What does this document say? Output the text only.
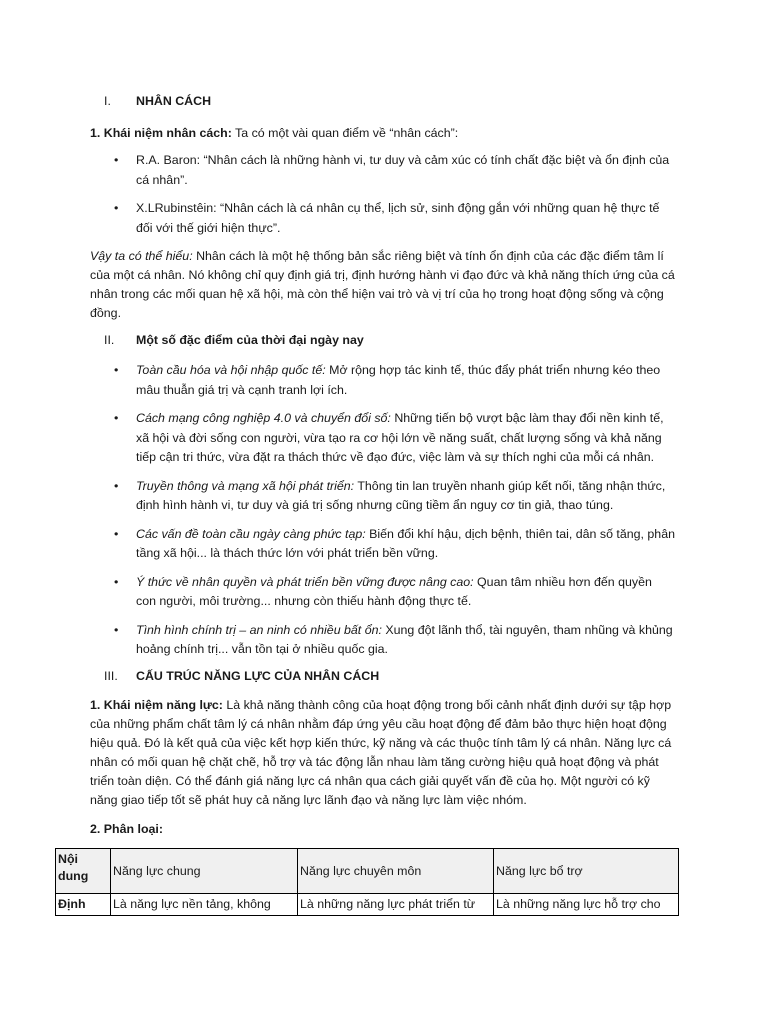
I. NHÂN CÁCH

1. Khái niệm nhân cách: Ta có một vài quan điểm về “nhân cách”:

• R.A. Baron: “Nhân cách là những hành vi, tư duy và cảm xúc có tính chất đặc biệt và ổn định của cá nhân”.
• X.LRubinstêin: “Nhân cách là cá nhân cụ thể, lịch sử, sinh động gắn với những quan hệ thực tế đối với thế giới hiện thực”.

Vậy ta có thể hiểu: Nhân cách là một hệ thống bản sắc riêng biệt và tính ổn định của các đặc điểm tâm lí của một cá nhân. Nó không chỉ quy định giá trị, định hướng hành vi đạo đức và khả năng thích ứng của cá nhân trong các mối quan hệ xã hội, mà còn thể hiện vai trò và vị trí của họ trong hoạt động sống và cộng đồng.

II. Một số đặc điểm của thời đại ngày nay
• Toàn cầu hóa và hội nhập quốc tế: Mở rộng hợp tác kinh tế, thúc đẩy phát triển nhưng kéo theo mâu thuẫn giá trị và cạnh tranh lợi ích.
• Cách mạng công nghiệp 4.0 và chuyển đổi số: Những tiến bộ vượt bậc làm thay đổi nền kinh tế, xã hội và đời sống con người, vừa tạo ra cơ hội lớn về năng suất, chất lượng sống và khả năng tiếp cận tri thức, vừa đặt ra thách thức về đạo đức, việc làm và sự thích nghi của mỗi cá nhân.
• Truyền thông và mạng xã hội phát triển: Thông tin lan truyền nhanh giúp kết nối, tăng nhận thức, định hình hành vi, tư duy và giá trị sống nhưng cũng tiềm ẩn nguy cơ tin giả, thao túng.
• Các vấn đề toàn cầu ngày càng phức tạp: Biến đổi khí hậu, dịch bệnh, thiên tai, dân số tăng, phân tầng xã hội... là thách thức lớn với phát triển bền vững.
• Ý thức về nhân quyền và phát triển bền vững được nâng cao: Quan tâm nhiều hơn đến quyền con người, môi trường... nhưng còn thiếu hành động thực tế.
• Tình hình chính trị – an ninh có nhiều bất ổn: Xung đột lãnh thổ, tài nguyên, tham nhũng và khủng hoảng chính trị... vẫn tồn tại ở nhiều quốc gia.
III. CẤU TRÚC NĂNG LỰC CỦA NHÂN CÁCH

1. Khái niệm năng lực: Là khả năng thành công của hoạt động trong bối cảnh nhất định dưới sự tập hợp của những phẩm chất tâm lý cá nhân nhằm đáp ứng yêu cầu hoạt động để đảm bảo thực hiện hoạt động hiệu quả. Đó là kết quả của việc kết hợp kiến thức, kỹ năng và các thuộc tính tâm lý cá nhân. Năng lực cá nhân có mối quan hệ chặt chẽ, hỗ trợ và tác động lẫn nhau làm tăng cường hiệu quả hoạt động và phát triển toàn diện. Có thể đánh giá năng lực cá nhân qua cách giải quyết vấn đề của họ. Một người có kỹ năng giao tiếp tốt sẽ phát huy cả năng lực lãnh đạo và năng lực làm việc nhóm.

2. Phân loại:

Nội dung	Năng lực chung	Năng lực chuyên môn	Năng lực bổ trợ
Định	Là năng lực nền tảng, không	Là những năng lực phát triển từ	Là những năng lực hỗ trợ cho
